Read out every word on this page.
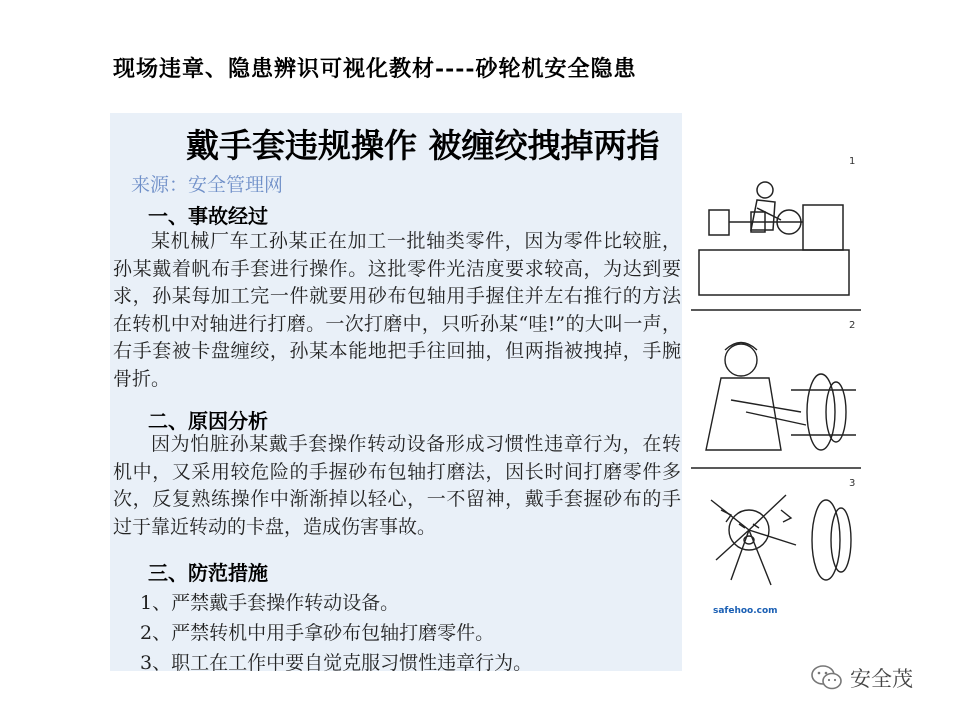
现场违章、隐患辨识可视化教材----砂轮机安全隐患
戴手套违规操作 被缠绞拽掉两指
来源：安全管理网
一、事故经过

某机械厂车工孙某正在加工一批轴类零件，因为零件比较脏，孙某戴着帆布手套进行操作。这批零件光洁度要求较高，为达到要求，孙某每加工完一件就要用砂布包轴用手握住并左右推行的方法在转机中对轴进行打磨。一次打磨中，只听孙某“哇!”的大叫一声，右手套被卡盘缠绞，孙某本能地把手往回抽，但两指被拽掉，手腕骨折。

二、原因分析

因为怕脏孙某戴手套操作转动设备形成习惯性违章行为，在转机中，又采用较危险的手握砂布包轴打磨法，因长时间打磨零件多次，反复熟练操作中渐渐掉以轻心，一不留神，戴手套握砂布的手过于靠近转动的卡盘，造成伤害事故。

三、防范措施
1、严禁戴手套操作转动设备。
2、严禁转机中用手拿砂布包轴打磨零件。
3、职工在工作中要自觉克服习惯性违章行为。
1
2
3
safehoo.com
安全茂
